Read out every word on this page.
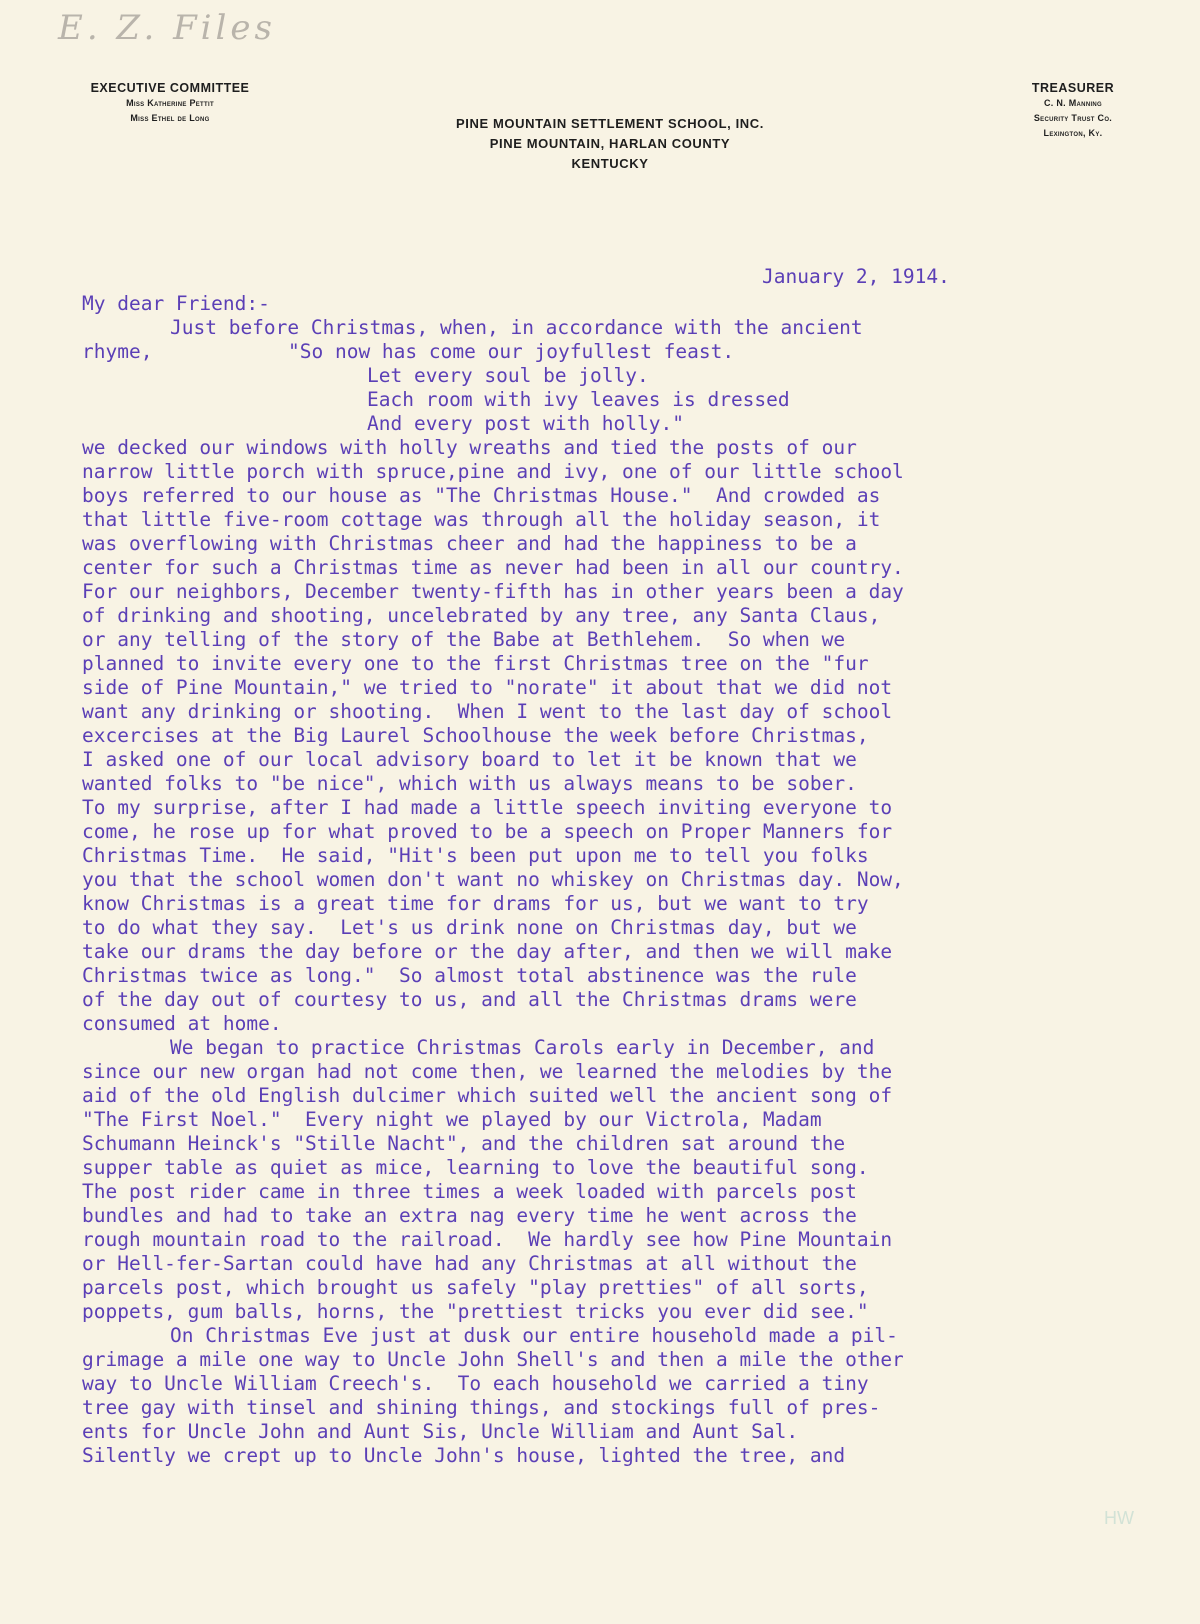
E. Z. Files
EXECUTIVE COMMITTEE
Miss Katherine Pettit
Miss Ethel de Long	PINE MOUNTAIN SETTLEMENT SCHOOL, INC.
PINE MOUNTAIN, HARLAN COUNTY
KENTUCKY
TREASURER
C. N. Manning
Security Trust Co.
Lexington, Ky.
January 2, 1914.
My dear Friend:-
Just before Christmas, when, in accordance with the ancient
rhyme,	"So now has come our joyfullest feast.
Let every soul be jolly.
Each room with ivy leaves is dressed
And every post with holly."
we decked our windows with holly wreaths and tied the posts of our
narrow little porch with spruce,pine and ivy, one of our little school
boys referred to our house as "The Christmas House."  And crowded as
that little five-room cottage was through all the holiday season, it
was overflowing with Christmas cheer and had the happiness to be a
center for such a Christmas time as never had been in all our country.
For our neighbors, December twenty-fifth has in other years been a day
of drinking and shooting, uncelebrated by any tree, any Santa Claus,
or any telling of the story of the Babe at Bethlehem.  So when we
planned to invite every one to the first Christmas tree on the "fur
side of Pine Mountain," we tried to "norate" it about that we did not
want any drinking or shooting.  When I went to the last day of school
excercises at the Big Laurel Schoolhouse the week before Christmas,
I asked one of our local advisory board to let it be known that we
wanted folks to "be nice", which with us always means to be sober.
To my surprise, after I had made a little speech inviting everyone to
come, he rose up for what proved to be a speech on Proper Manners for
Christmas Time.  He said, "Hit's been put upon me to tell you folks
you that the school women don't want no whiskey on Christmas day. Now,
know Christmas is a great time for drams for us, but we want to try
to do what they say.  Let's us drink none on Christmas day, but we
take our drams the day before or the day after, and then we will make
Christmas twice as long."  So almost total abstinence was the rule
of the day out of courtesy to us, and all the Christmas drams were
consumed at home.
We began to practice Christmas Carols early in December, and
since our new organ had not come then, we learned the melodies by the
aid of the old English dulcimer which suited well the ancient song of
"The First Noel."  Every night we played by our Victrola, Madam
Schumann Heinck's "Stille Nacht", and the children sat around the
supper table as quiet as mice, learning to love the beautiful song.
The post rider came in three times a week loaded with parcels post
bundles and had to take an extra nag every time he went across the
rough mountain road to the railroad.  We hardly see how Pine Mountain
or Hell-fer-Sartan could have had any Christmas at all without the
parcels post, which brought us safely "play pretties" of all sorts,
poppets, gum balls, horns, the "prettiest tricks you ever did see."
On Christmas Eve just at dusk our entire household made a pil-
grimage a mile one way to Uncle John Shell's and then a mile the other
way to Uncle William Creech's.  To each household we carried a tiny
tree gay with tinsel and shining things, and stockings full of pres-
ents for Uncle John and Aunt Sis, Uncle William and Aunt Sal.
Silently we crept up to Uncle John's house, lighted the tree, and
HW
